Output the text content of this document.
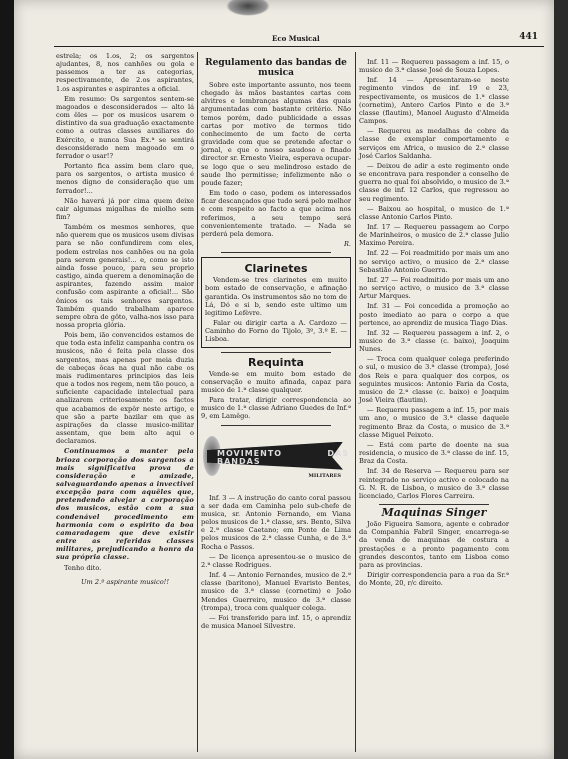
Eco Musical	441

estrela; os 1.os, 2; os sargentos ajudantes, 8, nos canhões ou gola e passemos a ter as categorias, respectivamente, de 2.os aspirantes, 1.os aspirantes e aspirantes a oficial.

Em resumo: Os sargentos sentem-se magoados e desconsiderados — alto lá com êles — por os musicos usarem o distintivo da sua graduação exactamente como a outras classes auxiliares do Exército, e nunca Sua Ex.ª se sentirá desconsiderado nem magoado em o ferrador o usar!?

Portanto fica assim bem claro que, para os sargentos, o artista musico é menos digno de consideração que um ferrador!...

Não haverá já por cima quem deixe cair algumas migalhas de miolho sem fim?

Também os mesmos senhores, que não querem que os musicos usem divisas para se não confundirem com eles, podem estrelas nos canhões ou na gola para serem generais!... e, como se isto ainda fosse pouco, para seu proprio castigo, ainda querem a denominação de aspirantes, fazendo assim maior confusão com aspirante a oficial!... São ônicos os tais senhores sargentos. Também quando trabalham aparece sempre obra de gôto, valha-nos isso para nossa propria glória.

Pois bem, ião convencidos estamos de que toda esta infeliz campanha contra os musicos, não é feita pela classe dos sargentos, mas apenas por meia duzia de cabeças ôcas na qual não cabe os mais rudimentares principios das leis que a todos nos regem, nem tão pouco, a suficiente capacidade intelectual para analizarem criteriosamente os factos que acabamos de expôr neste artigo, e que são a parte bazilar em que as aspirações da classe musico-militar assentam, que bem alto aqui o declaramos.

Continuamos a manter pela brioza corporação dos sargentos a mais significativa prova de consideração e amizade, salvaguardando apenas a invectivei excepção para com aquêles que, pretendendo alvejar a corporação dos musicos, estão com a sua condenável procedimento em harmonia com o espirito da boa camaradagem que deve existir entre as referidas classes militares, prejudicando a honra da sua própria classe.

Tenho dito.

Um 2.º aspirante musico!!
Regulamento das bandas de musica

Sobre este importante assunto, nos teem chegado às mãos bastantes cartas com alvitres e lembranças algumas das quais argumentadas com bastante critério. Não temos porém, dado publicidade a essas cartas por motivo de termos tido conhecimento de um facto de certa gravidade com que se pretende afectar o jornal, e que o nosso saudoso e finado director sr. Ernesto Vieira, esperava ocupar-se logo que o seu melindroso estado de saude lho permitisse; infelizmente não o poude fazer;

Em todo o caso, podem os interessados ficar descançados que tudo será pelo melhor e com respeito ao facto a que acima nos referimos, a seu tempo será convenientemente tratado. — Nada se perderá pela demora.

R.
Clarinetes

Vendem-se tres clarinetes em muito bom estado de conservação, e afinação garantida. Os instrumentos são no tom de Lá, Dó e si b, sendo este ultimo um legitimo Lefèvre.

Falar ou dirigir carta a A. Cardozo — Caminho do Forno do Tijolo, 3º, 3.º E. — Lisboa.

Requinta

Vende-se em muito bom estado de conservação e muito afinada, capaz para musico de 1.ª classe qualquer.

Para tratar, dirigir correspondencia ao musico de 1.ª classe Adriano Guedes de Inf.ª 9, em Lamêgo.

MOVIMENTO DAS BANDAS
MILITARES

Inf. 3 — A instrução do canto coral passou a ser dada em Caminha pelo sub-chefe de musica, sr. Antonio Fernando, em Viana pelos musicos de 1.ª classe, srs. Bento, Silva e 2.ª classe Caetano; em Ponte de Lima pelos musicos de 2.ª classe Cunha, e de 3.ª Rocha e Passos.

— De licença apresentou-se o musico de 2.ª classe Rodrigues.

Inf. 4 — Antonio Fernandes, musico de 2.ª classe (baritono), Manuel Evaristo Bentes, musico de 3.ª classe (cornetim) e João Mendes Guerreiro, musico de 3.ª classe (trompa), troca com qualquer colega.

— Foi transferido para inf. 15, o aprendiz de musica Manoel Silvestre.

Inf. 11 — Requereu passagem a inf. 15, o musico de 3.ª classe José de Souza Lopes.

Inf. 14 — Apresentaram-se neste regimento vindos de inf. 19 e 23, respectivamente, os musicos de 1.ª classe (cornetim), Antero Carlos Pinto e de 3.ª classe (flautim), Manoel Augusto d'Almeida Campos.

— Requereu as medalhas de cobre da classe de exemplar comportamento e serviços em Africa, o musico de 2.ª classe José Carlos Saldanha.

— Deixou de adir a este regimento onde se encontrava para responder a conselho de guerra no qual foi absolvido, o musico de 3.ª classe de inf. 12 Carlos, que regressou ao seu regimento.

— Baixou ao hospital, o musico de 1.ª classe Antonio Carlos Pinto.

Inf. 17 — Requereu passagem ao Corpo de Marinheiros, o musico de 2.ª classe Julio Maximo Pereira.

Inf. 22 — Foi readmitido por mais um ano no serviço activo, o musico de 2.ª classe Sebastião Antonio Guerra.

Inf. 27 — Foi readmitido por mais um ano no serviço activo, o musico de 3.ª classe Artur Marques.

Inf. 31 — Foi concedida a promoção ao posto imediato ao para o corpo a que pertence, ao aprendiz de musica Tiago Dias.

Inf. 32 — Requereu passagem a inf. 2, o musico de 3.ª classe (c. baixo), Joaquim Nunes.

— Troca com qualquer colega preferindo o sul, o musico de 3.ª classe (trompa), José dos Reis e para qualquer dos corpos, os seguintes musicos: Antonio Faria da Costa, musico de 2.ª classe (c. baixo) e Joaquim José Vieira (flautim).

— Requereu passagem a inf. 15, por mais um ano, o musico de 3.ª classe daquele regimento Braz da Costa, o musico de 3.ª classe Miguel Peixoto.

— Está com parte de doente na sua residencia, o musico de 3.ª classe de inf. 15, Braz da Costa.

Inf. 34 de Reserva — Requereu para ser reintegrado no serviço activo e colocado na G. N. R. de Lisboa, o musico de 3.ª classe licenciado, Carlos Flores Carreira.

Maquinas Singer

João Figueira Samora, agente e cobrador da Companhia Fabril Singer, encarrega-se da venda de maquinas de costura a prestações e a pronto pagamento com grandes descontos, tanto em Lisboa como para as provincias.

Dirigir correspondencia para a rua da Sr.ª do Monte, 20, r/c direito.
